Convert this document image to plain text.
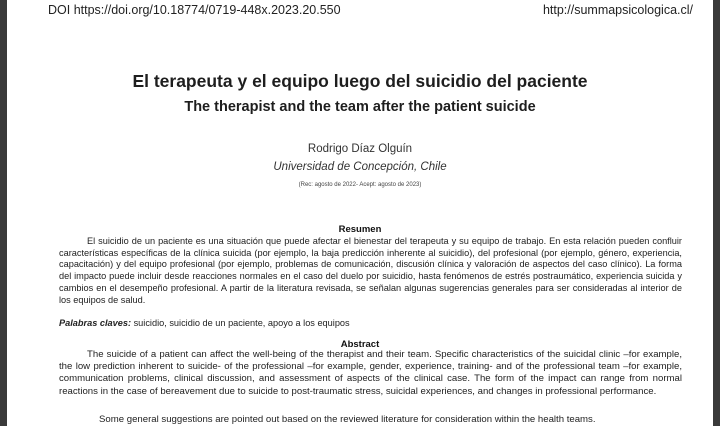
DOI https://doi.org/10.18774/0719-448x.2023.20.550	http://summapsicologica.cl/
El terapeuta y el equipo luego del suicidio del paciente
The therapist and the team after the patient suicide
Rodrigo Díaz Olguín
Universidad de Concepción, Chile
(Rec: agosto de 2022- Acept: agosto de 2023)
Resumen
El suicidio de un paciente es una situación que puede afectar el bienestar del terapeuta y su equipo de trabajo. En esta relación pueden confluir características específicas de la clínica suicida (por ejemplo, la baja predicción inherente al suicidio), del profesional (por ejemplo, género, experiencia, capacitación) y del equipo profesional (por ejemplo, problemas de comunicación, discusión clínica y valoración de aspectos del caso clínico). La forma del impacto puede incluir desde reacciones normales en el caso del duelo por suicidio, hasta fenómenos de estrés postraumático, experiencia suicida y cambios en el desempeño profesional. A partir de la literatura revisada, se señalan algunas sugerencias generales para ser consideradas al interior de los equipos de salud.
Palabras claves: suicidio, suicidio de un paciente, apoyo a los equipos
Abstract
The suicide of a patient can affect the well-being of the therapist and their team. Specific characteristics of the suicidal clinic –for example, the low prediction inherent to suicide- of the professional –for example, gender, experience, training- and of the professional team –for example, communication problems, clinical discussion, and assessment of aspects of the clinical case. The form of the impact can range from normal reactions in the case of bereavement due to suicide to post-traumatic stress, suicidal experiences, and changes in professional performance.
Some general suggestions are pointed out based on the reviewed literature for consideration within the health teams.
